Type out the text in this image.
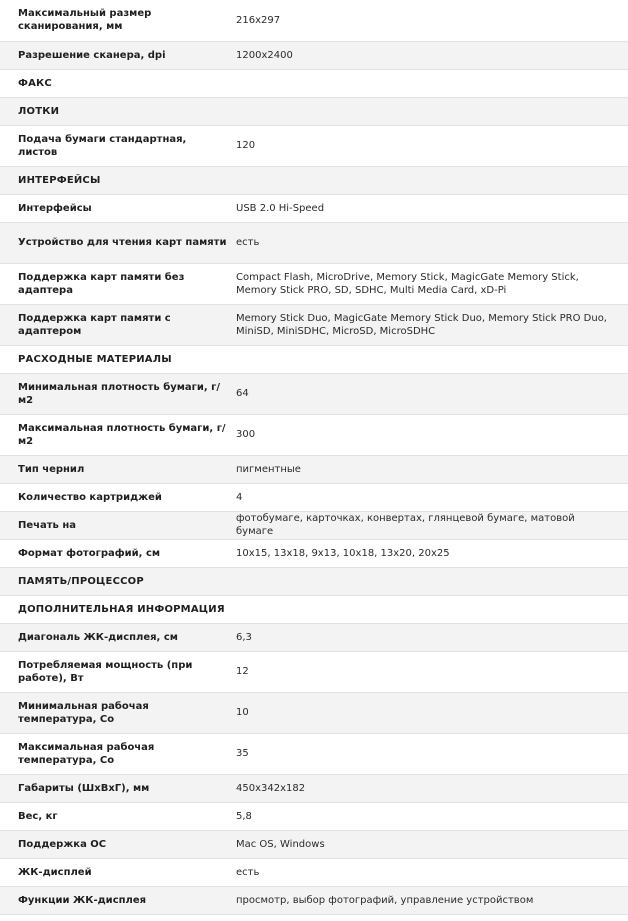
Максимальный размер сканирования, мм	216x297
Разрешение сканера, dpi	1200x2400
ФАКС	
ЛОТКИ	
Подача бумаги стандартная, листов	120
ИНТЕРФЕЙСЫ	
Интерфейсы	USB 2.0 Hi-Speed
Устройство для чтения карт памяти	есть
Поддержка карт памяти без адаптера	Compact Flash, MicroDrive, Memory Stick, MagicGate Memory Stick, Memory Stick PRO, SD, SDHC, Multi Media Card, xD-Pi
Поддержка карт памяти с адаптером	Memory Stick Duo, MagicGate Memory Stick Duo, Memory Stick PRO Duo, MiniSD, MiniSDHC, MicroSD, MicroSDHC
РАСХОДНЫЕ МАТЕРИАЛЫ	
Минимальная плотность бумаги, г/м2	64
Максимальная плотность бумаги, г/м2	300
Тип чернил	пигментные
Количество картриджей	4
Печать на	фотобумаге, карточках, конвертах, глянцевой бумаге, матовой бумаге
Формат фотографий, см	10x15, 13x18, 9x13, 10x18, 13x20, 20x25
ПАМЯТЬ/ПРОЦЕССОР	
ДОПОЛНИТЕЛЬНАЯ ИНФОРМАЦИЯ	
Диагональ ЖК-дисплея, см	6,3
Потребляемая мощность (при работе), Вт	12
Минимальная рабочая температура, Со	10
Максимальная рабочая температура, Со	35
Габариты (ШхВхГ), мм	450x342x182
Вес, кг	5,8
Поддержка ОС	Mac OS, Windows
ЖК-дисплей	есть
Функции ЖК-дисплея	просмотр, выбор фотографий, управление устройством
